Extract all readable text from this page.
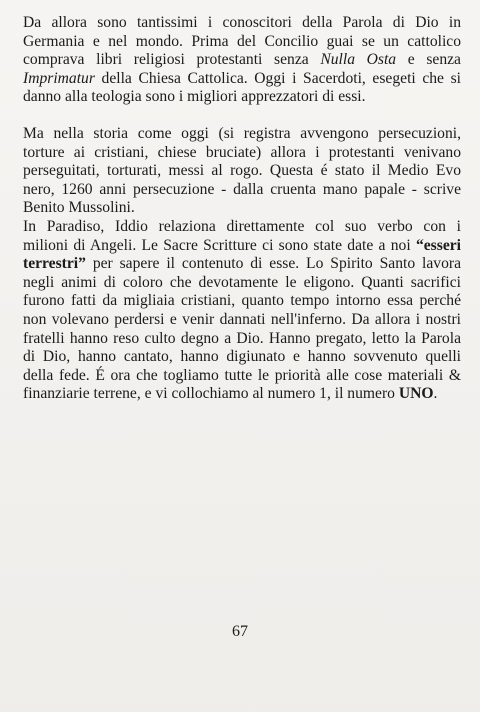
Da allora sono tantissimi i conoscitori della Parola di Dio in
Germania e nel mondo. Prima del Concilio guai se un cattolico
comprava libri religiosi protestanti senza Nulla Osta e senza
Imprimatur della Chiesa Cattolica. Oggi i Sacerdoti, esegeti che si
danno alla teologia sono i migliori apprezzatori di essi.
Ma nella storia come oggi (si registra avvengono persecuzioni,
torture ai cristiani, chiese bruciate) allora i protestanti venivano
perseguitati, torturati, messi al rogo. Questa é stato il Medio Evo
nero, 1260 anni persecuzione - dalla cruenta mano papale - scrive
Benito Mussolini.
In Paradiso, Iddio relaziona direttamente col suo verbo con i
milioni di Angeli. Le Sacre Scritture ci sono state date a noi “esseri
terrestri” per sapere il contenuto di esse. Lo Spirito Santo lavora
negli animi di coloro che devotamente le eligono. Quanti sacrifici
furono fatti da migliaia cristiani, quanto tempo intorno essa perché
non volevano perdersi e venir dannati nell'inferno. Da allora i nostri
fratelli hanno reso culto degno a Dio. Hanno pregato, letto la Parola
di Dio, hanno cantato, hanno digiunato e hanno sovvenuto quelli
della fede. É ora che togliamo tutte le priorità alle cose materiali &
finanziarie terrene, e vi collochiamo al numero 1, il numero UNO.
67
